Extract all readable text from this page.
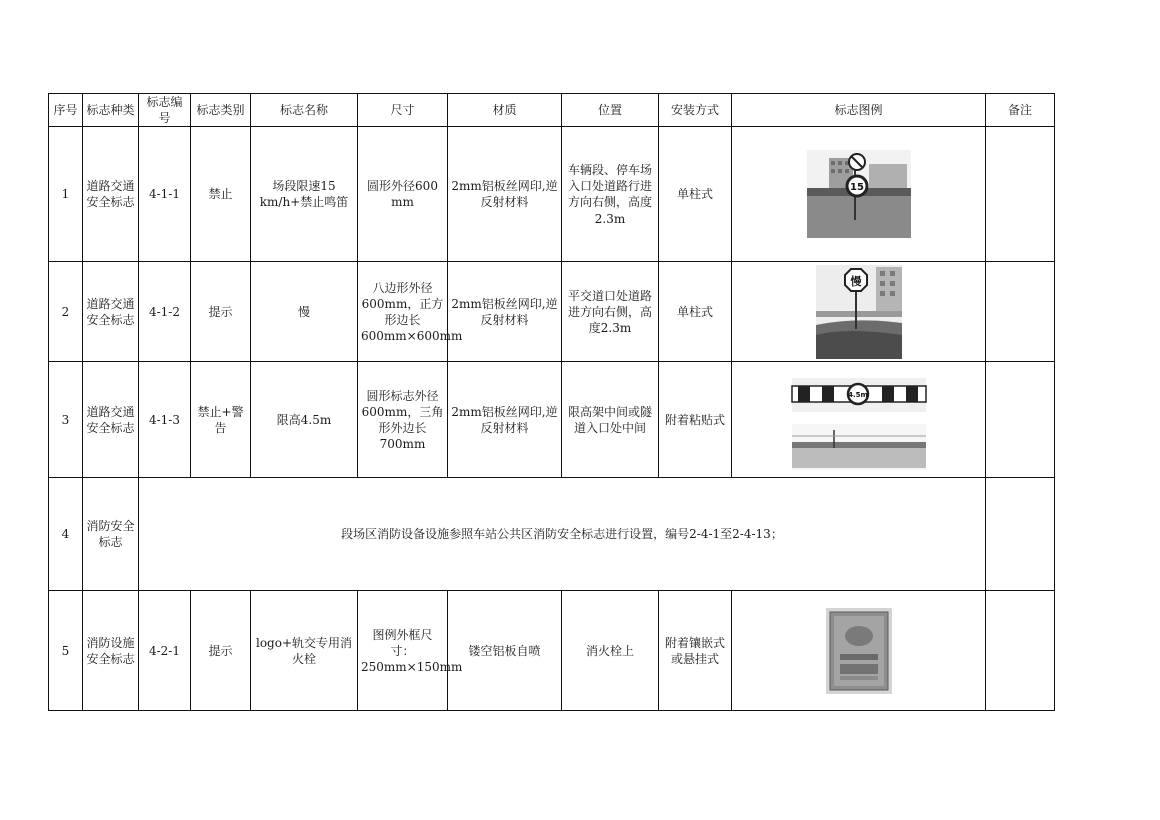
序号	标志种类	标志编号	标志类别	标志名称	尺寸	材质	位置	安装方式	标志图例	备注
1	道路交通安全标志	4-1-1	禁止	场段限速15 km/h+禁止鸣笛	圆形外径600 mm	2mm铝板丝网印,逆反射材料	车辆段、停车场入口处道路行进方向右侧，高度2.3m	单柱式	15	

2	道路交通安全标志	4-1-2	提示	慢	八边形外径600mm，正方形边长600mm×600mm	2mm铝板丝网印,逆反射材料	平交道口处道路进方向右侧，高度2.3m	单柱式	慢	

3	道路交通安全标志	4-1-3	禁止+警告	限高4.5m	圆形标志外径600mm，三角形外边长700mm	2mm铝板丝网印,逆反射材料	限高架中间或隧道入口处中间	附着粘贴式	4.5m	

4	消防安全标志	段场区消防设备设施参照车站公共区消防安全标志进行设置，编号2-4-1至2-4-13；								
5	消防设施安全标志	4-2-1	提示	logo+轨交专用消火栓	图例外框尺寸：250mm×150mm	镂空铝板自喷	消火栓上	附着镶嵌式或悬挂式	
